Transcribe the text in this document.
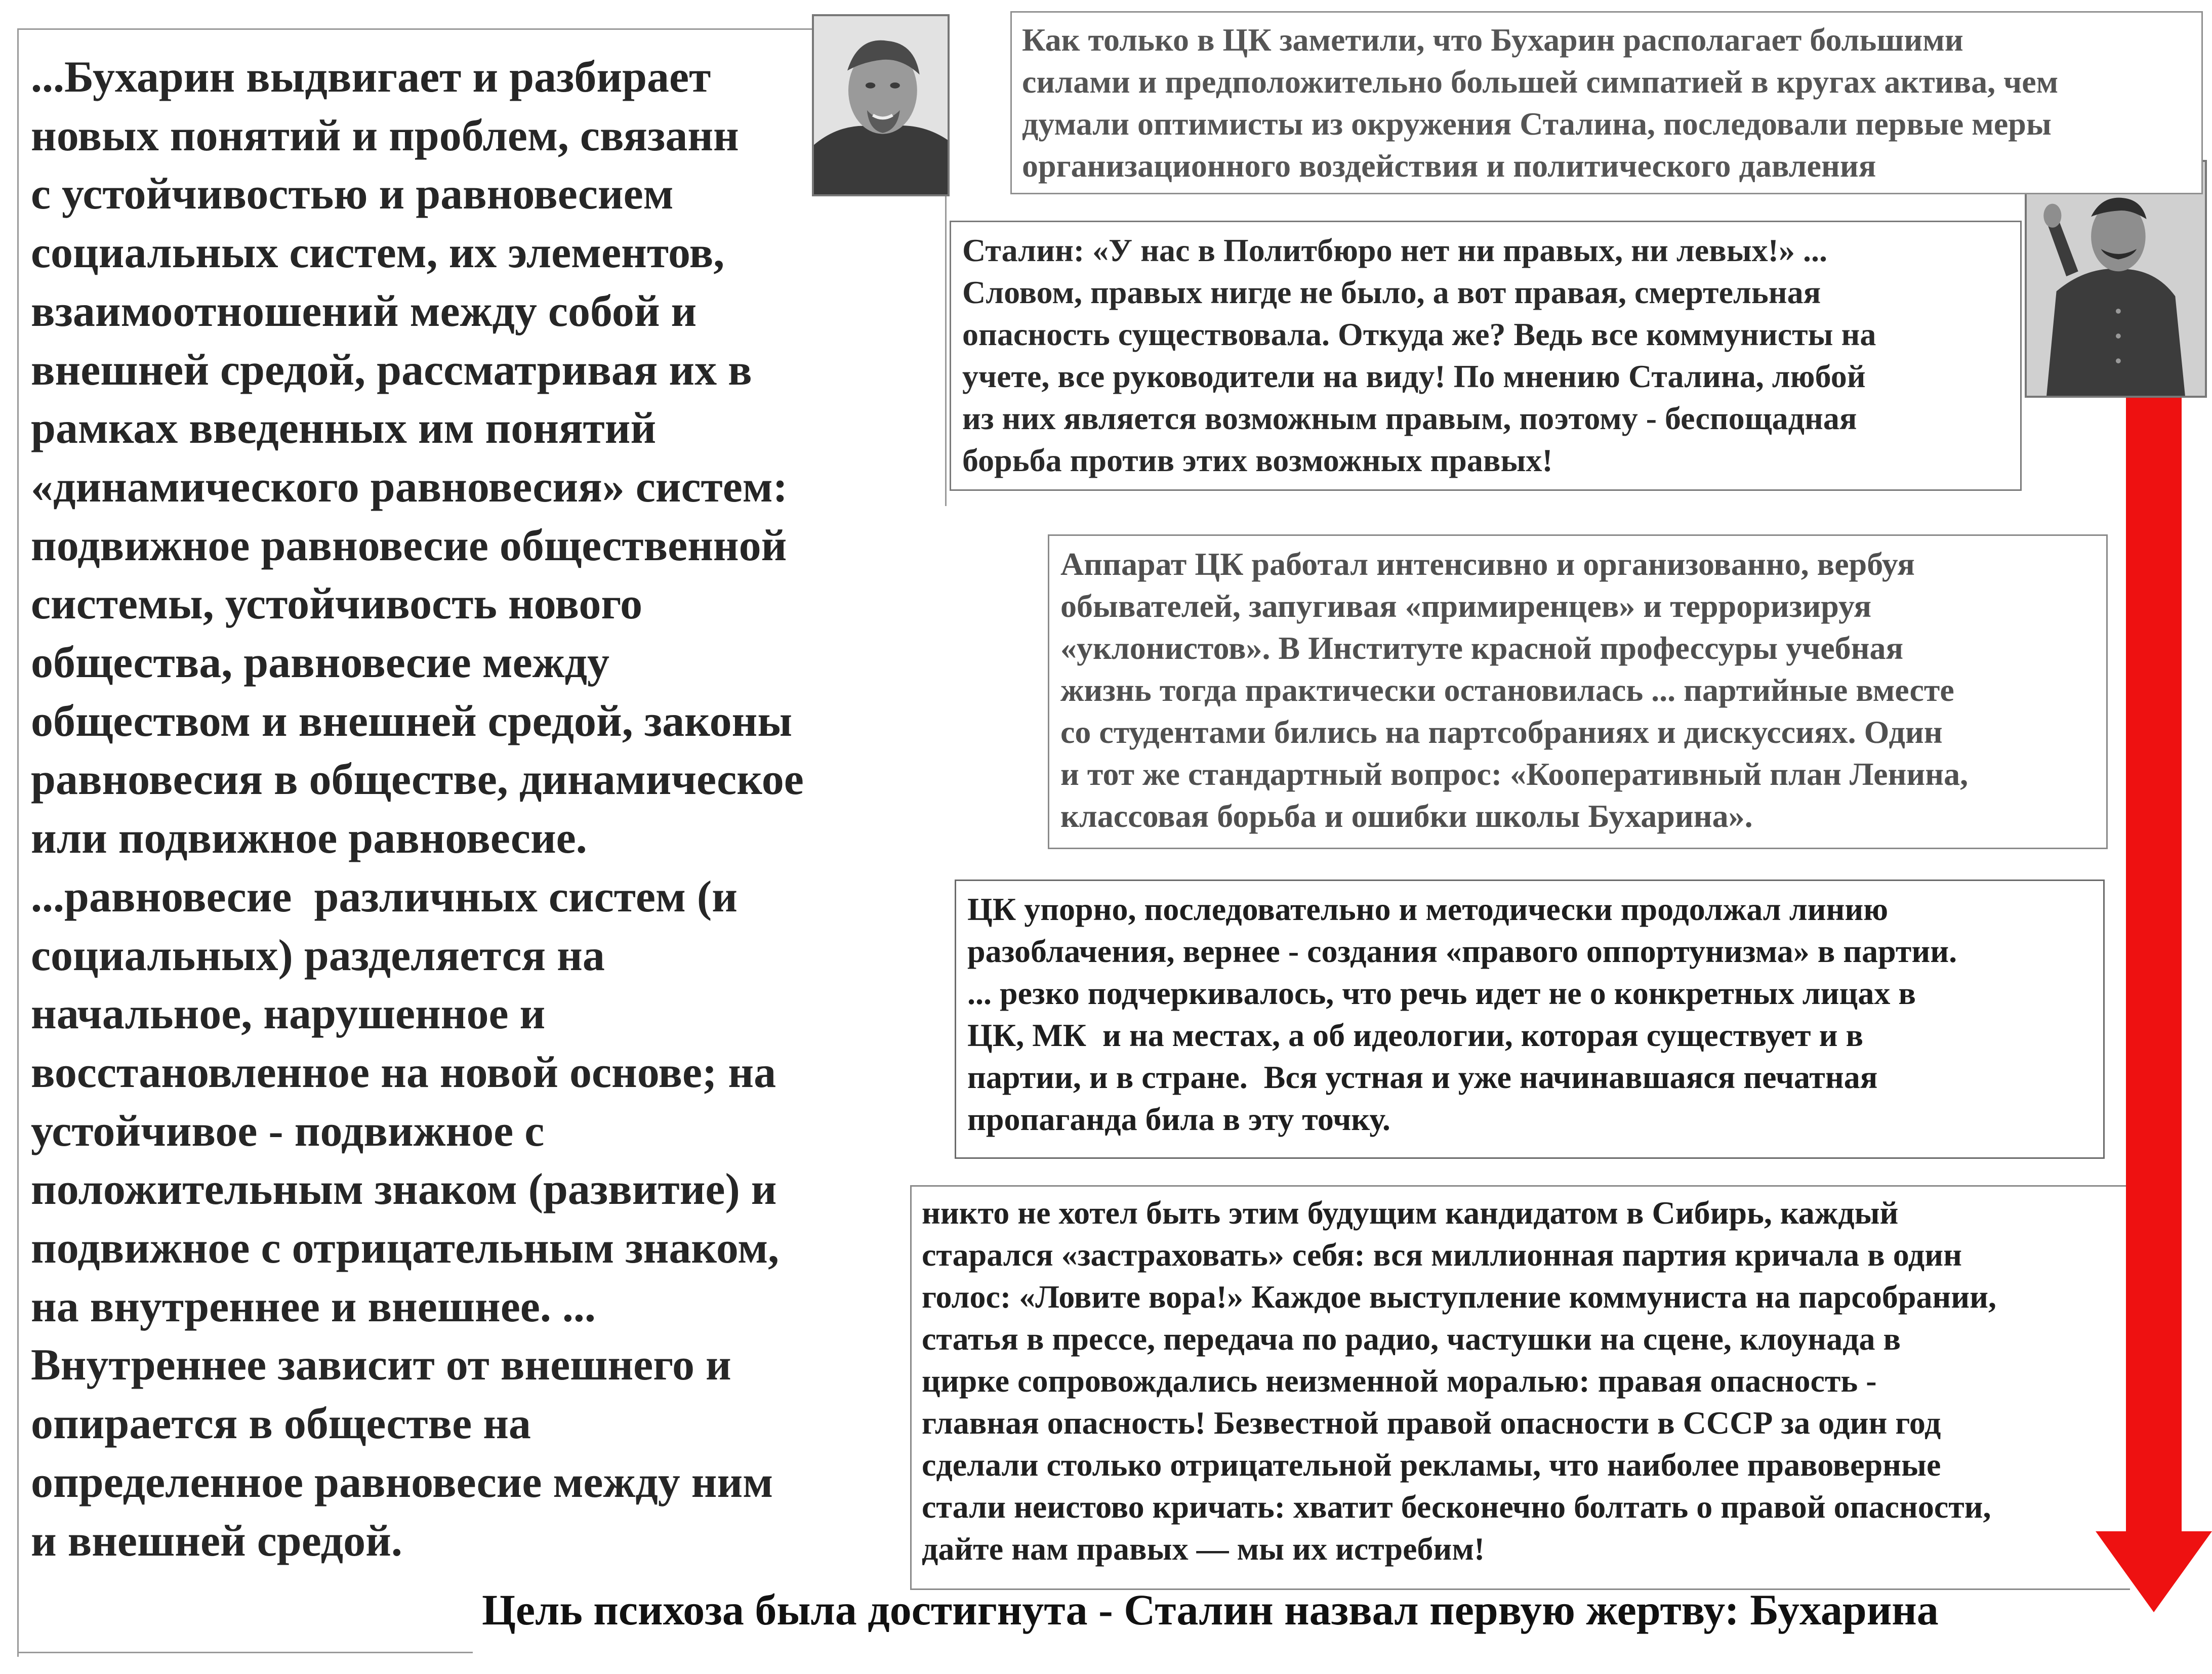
...Бухарин выдвигает и разбирает
новых понятий и проблем, связанн
с устойчивостью и равновесием
социальных систем, их элементов,
взаимоотношений между собой и
внешней средой, рассматривая их в
рамках введенных им понятий
«динамического равновесия» систем:
подвижное равновесие общественной
системы, устойчивость нового
общества, равновесие между
обществом и внешней средой, законы
равновесия в обществе, динамическое
или подвижное равновесие.
...равновесие  различных систем (и
социальных) разделяется на
начальное, нарушенное и
восстановленное на новой основе; на
устойчивое - подвижное с
положительным знаком (развитие) и
подвижное с отрицательным знаком,
на внутреннее и внешнее. ...
Внутреннее зависит от внешнего и
опирается в обществе на
определенное равновесие между ним
и внешней средой.

Как только в ЦК заметили, что Бухарин располагает большими
силами и предположительно большей симпатией в кругах актива, чем
думали оптимисты из окружения Сталина, последовали первые меры
организационного воздействия и политического давления

Сталин: «У нас в Политбюро нет ни правых, ни левых!» ...
Словом, правых нигде не было, а вот правая, смертельная
опасность существовала. Откуда же? Ведь все коммунисты на
учете, все руководители на виду! По мнению Сталина, любой
из них является возможным правым, поэтому - беспощадная
борьба против этих возможных правых!

Аппарат ЦК работал интенсивно и организованно, вербуя
обывателей, запугивая «примиренцев» и терроризируя
«уклонистов». В Институте красной профессуры учебная
жизнь тогда практически остановилась ... партийные вместе
со студентами бились на партсобраниях и дискуссиях. Один
и тот же стандартный вопрос: «Кооперативный план Ленина,
классовая борьба и ошибки школы Бухарина».

ЦК упорно, последовательно и методически продолжал линию
разоблачения, вернее - создания «правого оппортунизма» в партии.
... резко подчеркивалось, что речь идет не о конкретных лицах в
ЦК, МК  и на местах, а об идеологии, которая существует и в
партии, и в стране.  Вся устная и уже начинавшаяся печатная
пропаганда била в эту точку.

никто не хотел быть этим будущим кандидатом в Сибирь, каждый
старался «застраховать» себя: вся миллионная партия кричала в один
голос: «Ловите вора!» Каждое выступление коммуниста на парсобрании,
статья в прессе, передача по радио, частушки на сцене, клоунада в
цирке сопровождались неизменной моралью: правая опасность -
главная опасность! Безвестной правой опасности в СССР за один год
сделали столько отрицательной рекламы, что наиболее правоверные
стали неистово кричать: хватит бесконечно болтать о правой опасности,
дайте нам правых — мы их истребим!

Цель психоза была достигнута - Сталин назвал первую жертву: Бухарина
